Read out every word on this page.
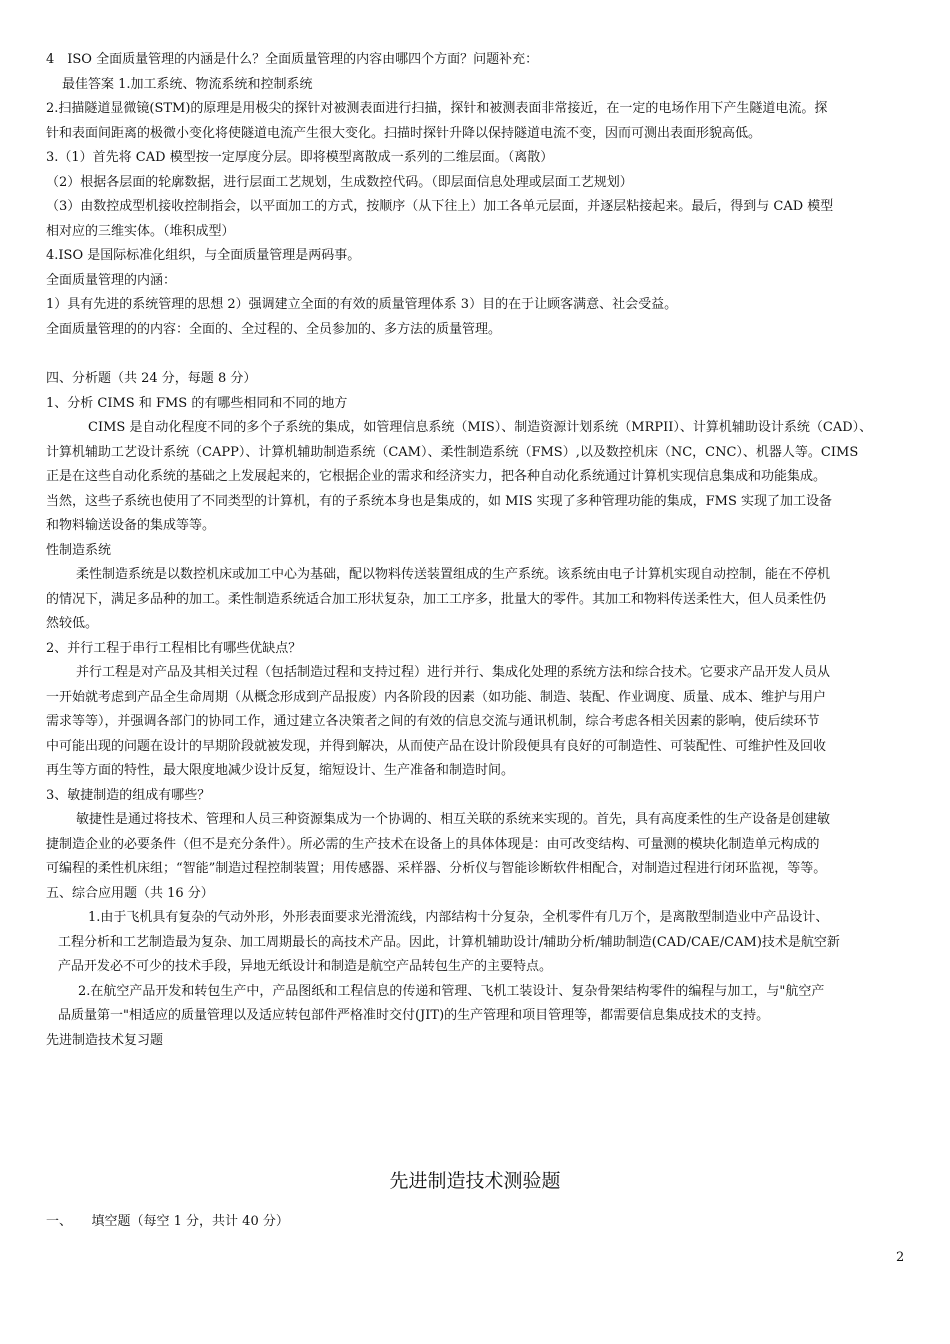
4　ISO 全面质量管理的内涵是什么？全面质量管理的内容由哪四个方面？问题补充：
最佳答案 1.加工系统、物流系统和控制系统
2.扫描隧道显微镜(STM)的原理是用极尖的探针对被测表面进行扫描，探针和被测表面非常接近，在一定的电场作用下产生隧道电流。探
针和表面间距离的极微小变化将使隧道电流产生很大变化。扫描时探针升降以保持隧道电流不变，因而可测出表面形貌高低。
3.（1）首先将 CAD 模型按一定厚度分层。即将模型离散成一系列的二维层面。（离散）
（2）根据各层面的轮廓数据，进行层面工艺规划，生成数控代码。（即层面信息处理或层面工艺规划）
（3）由数控成型机接收控制指会，以平面加工的方式，按顺序（从下往上）加工各单元层面，并逐层粘接起来。最后，得到与 CAD 模型
相对应的三维实体。（堆积成型）
4.ISO 是国际标准化组织，与全面质量管理是两码事。
全面质量管理的内涵：
1）具有先进的系统管理的思想 2）强调建立全面的有效的质量管理体系 3）目的在于让顾客满意、社会受益。
全面质量管理的的内容：全面的、全过程的、全员参加的、多方法的质量管理。
四、分析题（共 24 分，每题 8 分）
1、分析 CIMS 和 FMS 的有哪些相同和不同的地方
CIMS 是自动化程度不同的多个子系统的集成，如管理信息系统（MIS）、制造资源计划系统（MRPII）、计算机辅助设计系统（CAD）、
计算机辅助工艺设计系统（CAPP）、计算机辅助制造系统（CAM）、柔性制造系统（FMS）,以及数控机床（NC，CNC）、机器人等。CIMS
正是在这些自动化系统的基础之上发展起来的，它根据企业的需求和经济实力，把各种自动化系统通过计算机实现信息集成和功能集成。
当然，这些子系统也使用了不同类型的计算机，有的子系统本身也是集成的，如 MIS 实现了多种管理功能的集成，FMS 实现了加工设备
和物料输送设备的集成等等。
性制造系统
柔性制造系统是以数控机床或加工中心为基础，配以物料传送装置组成的生产系统。该系统由电子计算机实现自动控制，能在不停机
的情况下，满足多品种的加工。柔性制造系统适合加工形状复杂，加工工序多，批量大的零件。其加工和物料传送柔性大，但人员柔性仍
然较低。
2、并行工程于串行工程相比有哪些优缺点？
并行工程是对产品及其相关过程（包括制造过程和支持过程）进行并行、集成化处理的系统方法和综合技术。它要求产品开发人员从
一开始就考虑到产品全生命周期（从概念形成到产品报废）内各阶段的因素（如功能、制造、装配、作业调度、质量、成本、维护与用户
需求等等），并强调各部门的协同工作，通过建立各决策者之间的有效的信息交流与通讯机制，综合考虑各相关因素的影响，使后续环节
中可能出现的问题在设计的早期阶段就被发现，并得到解决，从而使产品在设计阶段便具有良好的可制造性、可装配性、可维护性及回收
再生等方面的特性，最大限度地减少设计反复，缩短设计、生产准备和制造时间。
3、敏捷制造的组成有哪些？
敏捷性是通过将技术、管理和人员三种资源集成为一个协调的、相互关联的系统来实现的。首先，具有高度柔性的生产设备是创建敏
捷制造企业的必要条件（但不是充分条件）。所必需的生产技术在设备上的具体体现是：由可改变结构、可量测的模块化制造单元构成的
可编程的柔性机床组；“智能”制造过程控制装置；用传感器、采样器、分析仪与智能诊断软件相配合，对制造过程进行闭环监视，等等。
五、综合应用题（共 16 分）
1.由于飞机具有复杂的气动外形，外形表面要求光滑流线，内部结构十分复杂，全机零件有几万个，是离散型制造业中产品设计、
工程分析和工艺制造最为复杂、加工周期最长的高技术产品。因此，计算机辅助设计/辅助分析/辅助制造(CAD/CAE/CAM)技术是航空新
产品开发必不可少的技术手段，异地无纸设计和制造是航空产品转包生产的主要特点。
2.在航空产品开发和转包生产中，产品图纸和工程信息的传递和管理、飞机工装设计、复杂骨架结构零件的编程与加工，与"航空产
品质量第一"相适应的质量管理以及适应转包部件严格准时交付(JIT)的生产管理和项目管理等，都需要信息集成技术的支持。
先进制造技术复习题
一、　　填空题（每空 1 分，共计 40 分）
先进制造技术测验题
2
